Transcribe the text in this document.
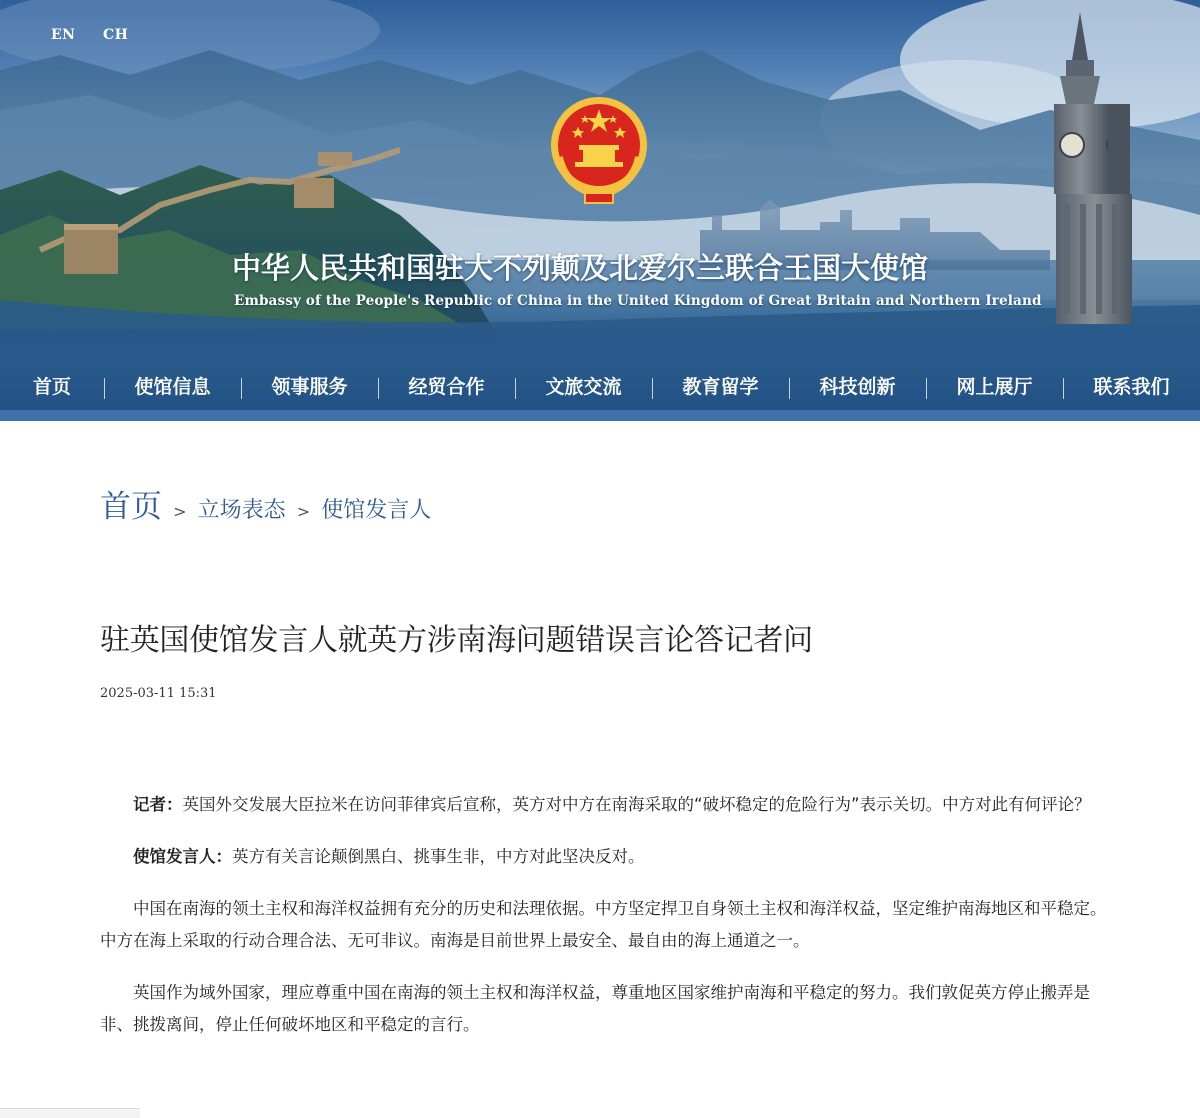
EN CH
中华人民共和国驻大不列颠及北爱尔兰联合王国大使馆
Embassy of the People's Republic of China in the United Kingdom of Great Britain and Northern Ireland
首页	使馆信息	领事服务	经贸合作	文旅交流	教育留学	科技创新	网上展厅	联系我们
首页 > 立场表态 > 使馆发言人
驻英国使馆发言人就英方涉南海问题错误言论答记者问
2025-03-11 15:31

记者：英国外交发展大臣拉米在访问菲律宾后宣称，英方对中方在南海采取的“破坏稳定的危险行为”表示关切。中方对此有何评论？

使馆发言人：英方有关言论颠倒黑白、挑事生非，中方对此坚决反对。

中国在南海的领土主权和海洋权益拥有充分的历史和法理依据。中方坚定捍卫自身领土主权和海洋权益，坚定维护南海地区和平稳定。中方在海上采取的行动合理合法、无可非议。南海是目前世界上最安全、最自由的海上通道之一。

英国作为域外国家，理应尊重中国在南海的领土主权和海洋权益，尊重地区国家维护南海和平稳定的努力。我们敦促英方停止搬弄是非、挑拨离间，停止任何破坏地区和平稳定的言行。
